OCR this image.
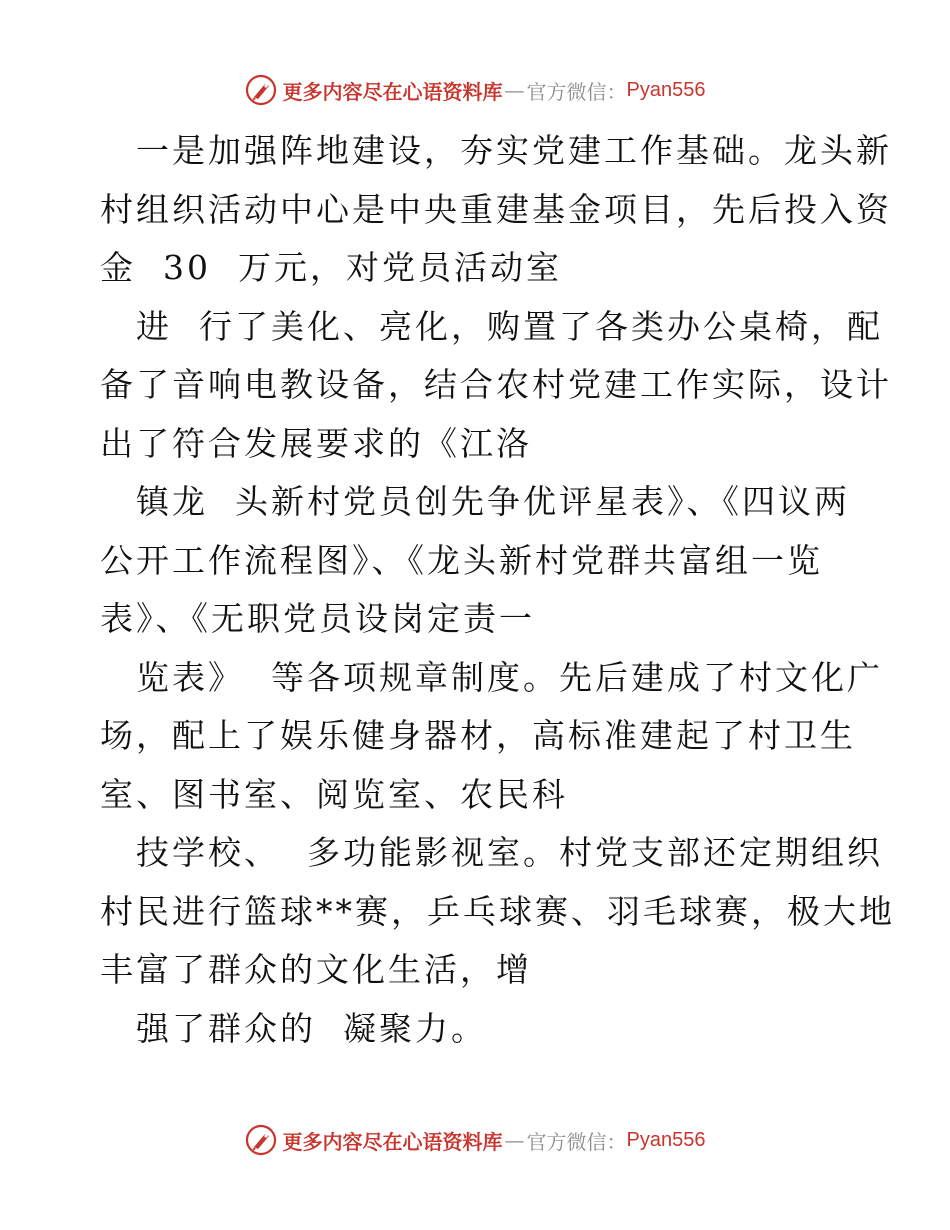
更多内容尽在心语资料库 — 官方微信： Pyan556
一是加强阵地建设，夯实党建工作基础。龙头新
村组织活动中心是中央重建基金项目，先后投入资
金  30  万元，对党员活动室
进  行了美化、亮化，购置了各类办公桌椅，配
备了音响电教设备，结合农村党建工作实际，设计
出了符合发展要求的《江洛
镇龙  头新村党员创先争优评星表》、《四议两
公开工作流程图》、《龙头新村党群共富组一览
表》、《无职党员设岗定责一
览表》  等各项规章制度。先后建成了村文化广
场，配上了娱乐健身器材，高标准建起了村卫生
室、图书室、阅览室、农民科
技学校、  多功能影视室。村党支部还定期组织
村民进行篮球**赛，乒乓球赛、羽毛球赛，极大地
丰富了群众的文化生活，增
强了群众的  凝聚力。
更多内容尽在心语资料库 — 官方微信： Pyan556
